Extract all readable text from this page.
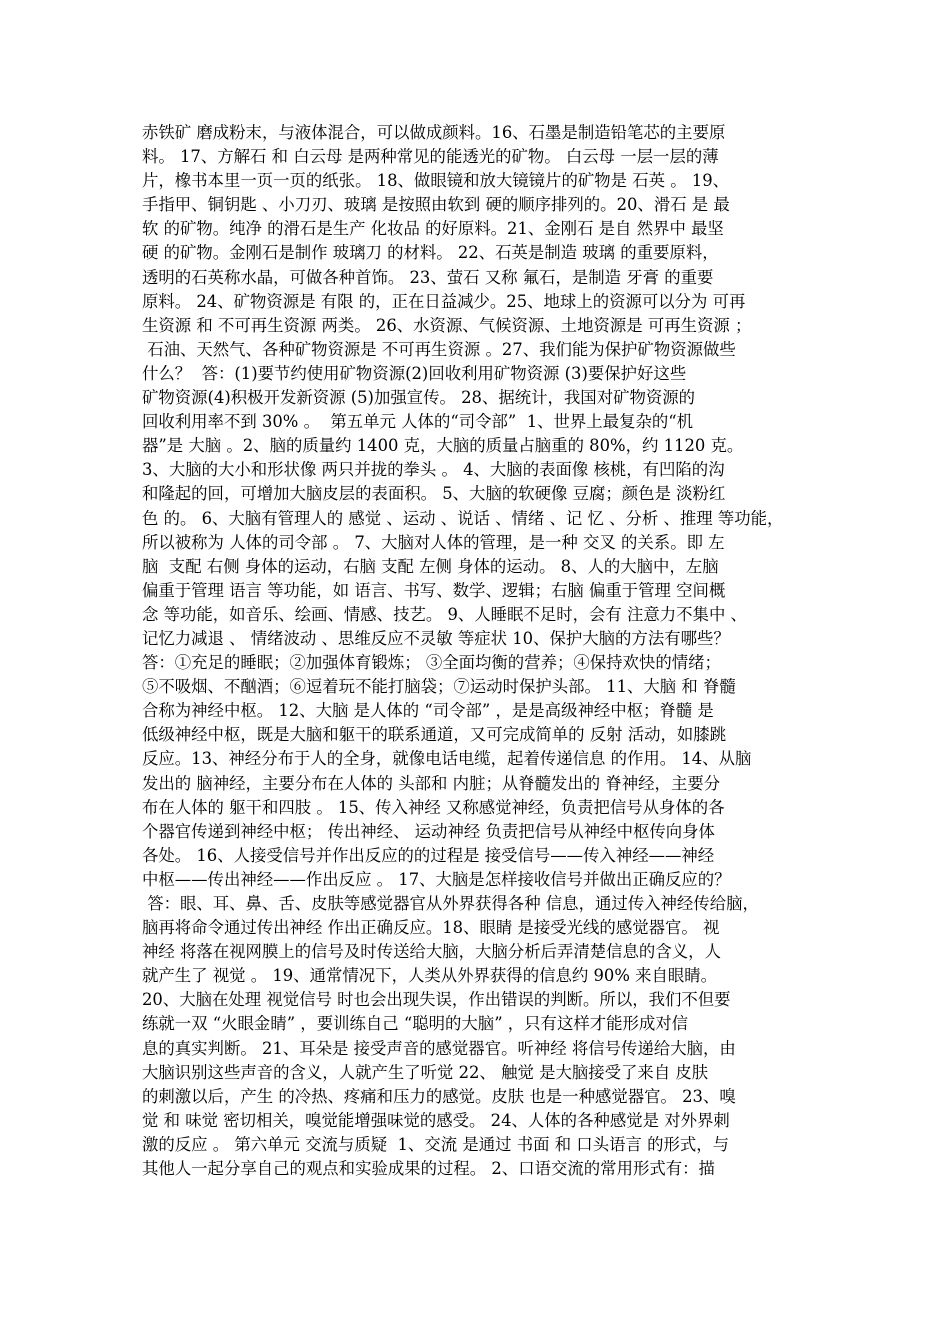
赤铁矿 磨成粉末，与液体混合，可以做成颜料。16、石墨是制造铅笔芯的主要原
料。 17、方解石 和 白云母 是两种常见的能透光的矿物。 白云母 一层一层的薄
片，橡书本里一页一页的纸张。 18、做眼镜和放大镜镜片的矿物是 石英 。 19、
手指甲、铜钥匙 、小刀刃、玻璃 是按照由软到 硬的顺序排列的。20、滑石 是 最
软 的矿物。纯净 的滑石是生产 化妆品 的好原料。21、金刚石 是自 然界中 最坚
硬 的矿物。金刚石是制作 玻璃刀 的材料。 22、石英是制造 玻璃 的重要原料，
透明的石英称水晶，可做各种首饰。 23、萤石 又称 氟石，是制造 牙膏 的重要
原料。 24、矿物资源是 有限 的，正在日益减少。25、地球上的资源可以分为 可再
生资源 和 不可再生资源 两类。 26、水资源、气候资源、土地资源是 可再生资源 ；
石油、天然气、各种矿物资源是 不可再生资源 。27、我们能为保护矿物资源做些
什么？  答：(1)要节约使用矿物资源(2)回收利用矿物资源 (3)要保护好这些
矿物资源(4)积极开发新资源 (5)加强宣传。 28、据统计，我国对矿物资源的
回收利用率不到 30% 。  第五单元 人体的“司令部”  1、世界上最复杂的“机
器”是 大脑 。2、脑的质量约 1400 克，大脑的质量占脑重的 80%，约 1120 克。
3、大脑的大小和形状像 两只并拢的拳头 。 4、大脑的表面像 核桃，有凹陷的沟
和隆起的回，可增加大脑皮层的表面积。 5、大脑的软硬像 豆腐；颜色是 淡粉红
色 的。 6、大脑有管理人的 感觉 、运动 、说话 、情绪 、记 忆 、分析 、推理 等功能，
所以被称为 人体的司令部 。 7、大脑对人体的管理，是一种 交叉 的关系。即 左
脑  支配 右侧 身体的运动，右脑 支配 左侧 身体的运动。 8、人的大脑中，左脑
偏重于管理 语言 等功能，如 语言、书写、数学、逻辑；右脑 偏重于管理 空间概
念 等功能，如音乐、绘画、情感、技艺。 9、人睡眠不足时，会有 注意力不集中 、
记忆力减退 、 情绪波动 、思维反应不灵敏 等症状 10、保护大脑的方法有哪些？
答：①充足的睡眠；②加强体育锻炼； ③全面均衡的营养；④保持欢快的情绪；
⑤不吸烟、不酗酒；⑥逗着玩不能打脑袋；⑦运动时保护头部。 11、大脑 和 脊髓
合称为神经中枢。 12、大脑 是人体的 “司令部” ，是是高级神经中枢；脊髓 是
低级神经中枢，既是大脑和躯干的联系通道，又可完成简单的 反射 活动，如膝跳
反应。13、神经分布于人的全身，就像电话电缆，起着传递信息 的作用。 14、从脑
发出的 脑神经，主要分布在人体的 头部和 内脏；从脊髓发出的 脊神经，主要分
布在人体的 躯干和四肢 。 15、传入神经 又称感觉神经，负责把信号从身体的各
个器官传递到神经中枢； 传出神经、 运动神经 负责把信号从神经中枢传向身体
各处。 16、人接受信号并作出反应的的过程是 接受信号——传入神经——神经
中枢——传出神经——作出反应 。 17、大脑是怎样接收信号并做出正确反应的？
答：眼、耳、鼻、舌、皮肤等感觉器官从外界获得各种 信息，通过传入神经传给脑，
脑再将命令通过传出神经 作出正确反应。18、眼睛 是接受光线的感觉器官。 视
神经 将落在视网膜上的信号及时传送给大脑，大脑分析后弄清楚信息的含义，人
就产生了 视觉 。 19、通常情况下，人类从外界获得的信息约 90% 来自眼睛。
20、大脑在处理 视觉信号 时也会出现失误，作出错误的判断。所以，我们不但要
练就一双 “火眼金睛” ，要训练自己 “聪明的大脑” ，只有这样才能形成对信
息的真实判断。 21、耳朵是 接受声音的感觉器官。听神经 将信号传递给大脑，由
大脑识别这些声音的含义，人就产生了听觉 22、 触觉 是大脑接受了来自 皮肤
的刺激以后，产生 的冷热、疼痛和压力的感觉。皮肤 也是一种感觉器官。 23、嗅
觉 和 味觉 密切相关，嗅觉能增强味觉的感受。 24、人体的各种感觉是 对外界刺
激的反应 。 第六单元 交流与质疑  1、交流 是通过 书面 和 口头语言 的形式，与
其他人一起分享自己的观点和实验成果的过程。 2、口语交流的常用形式有：描
